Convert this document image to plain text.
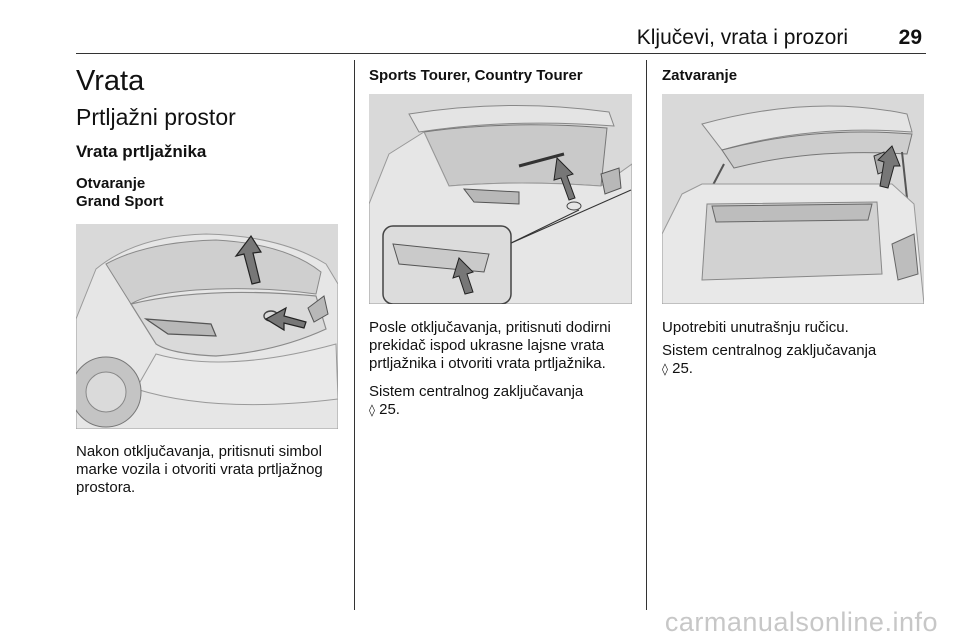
Ključevi, vrata i prozori 29
Vrata
Prtljažni prostor
Vrata prtljažnika
Otvaranje
Grand Sport

Nakon otključavanja, pritisnuti simbol marke vozila i otvoriti vrata prtljažnog prostora.

Sports Tourer, Country Tourer

Posle otključavanja, pritisnuti dodirni prekidač ispod ukrasne lajsne vrata prtljažnika i otvoriti vrata prtljažnika.

Sistem centralnog zaključavanja
◊ 25.

Zatvaranje

Upotrebiti unutrašnju ručicu.

Sistem centralnog zaključavanja
◊ 25.

carmanualsonline.info
